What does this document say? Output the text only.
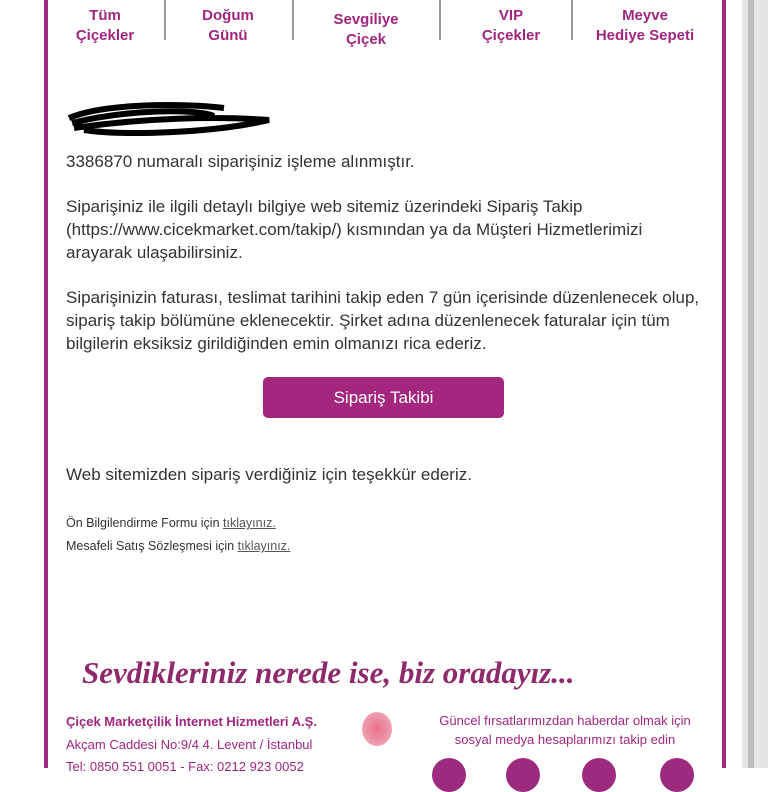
Tüm
Çiçekler
Doğum
Günü
Sevgiliye
Çiçek
VIP
Çiçekler
Meyve
Hediye Sepeti
3386870 numaralı siparişiniz işleme alınmıştır.
Siparişiniz ile ilgili detaylı bilgiye web sitemiz üzerindeki Sipariş Takip (https://www.cicekmarket.com/takip/) kısmından ya da Müşteri Hizmetlerimizi arayarak ulaşabilirsiniz.
Siparişinizin faturası, teslimat tarihini takip eden 7 gün içerisinde düzenlenecek olup, sipariş takip bölümüne eklenecektir. Şirket adına düzenlenecek faturalar için tüm bilgilerin eksiksiz girildiğinden emin olmanızı rica ederiz.
Sipariş Takibi
Web sitemizden sipariş verdiğiniz için teşekkür ederiz.
Ön Bilgilendirme Formu için tıklayınız.
Mesafeli Satış Sözleşmesi için tıklayınız.
Sevdikleriniz nerede ise, biz oradayız...
Çiçek Marketçilik İnternet Hizmetleri A.Ş.
Akçam Caddesi No:9/4 4. Levent / İstanbul
Tel: 0850 551 0051 - Fax: 0212 923 0052
Güncel fırsatlarımızdan haberdar olmak için
sosyal medya hesaplarımızı takip edin
